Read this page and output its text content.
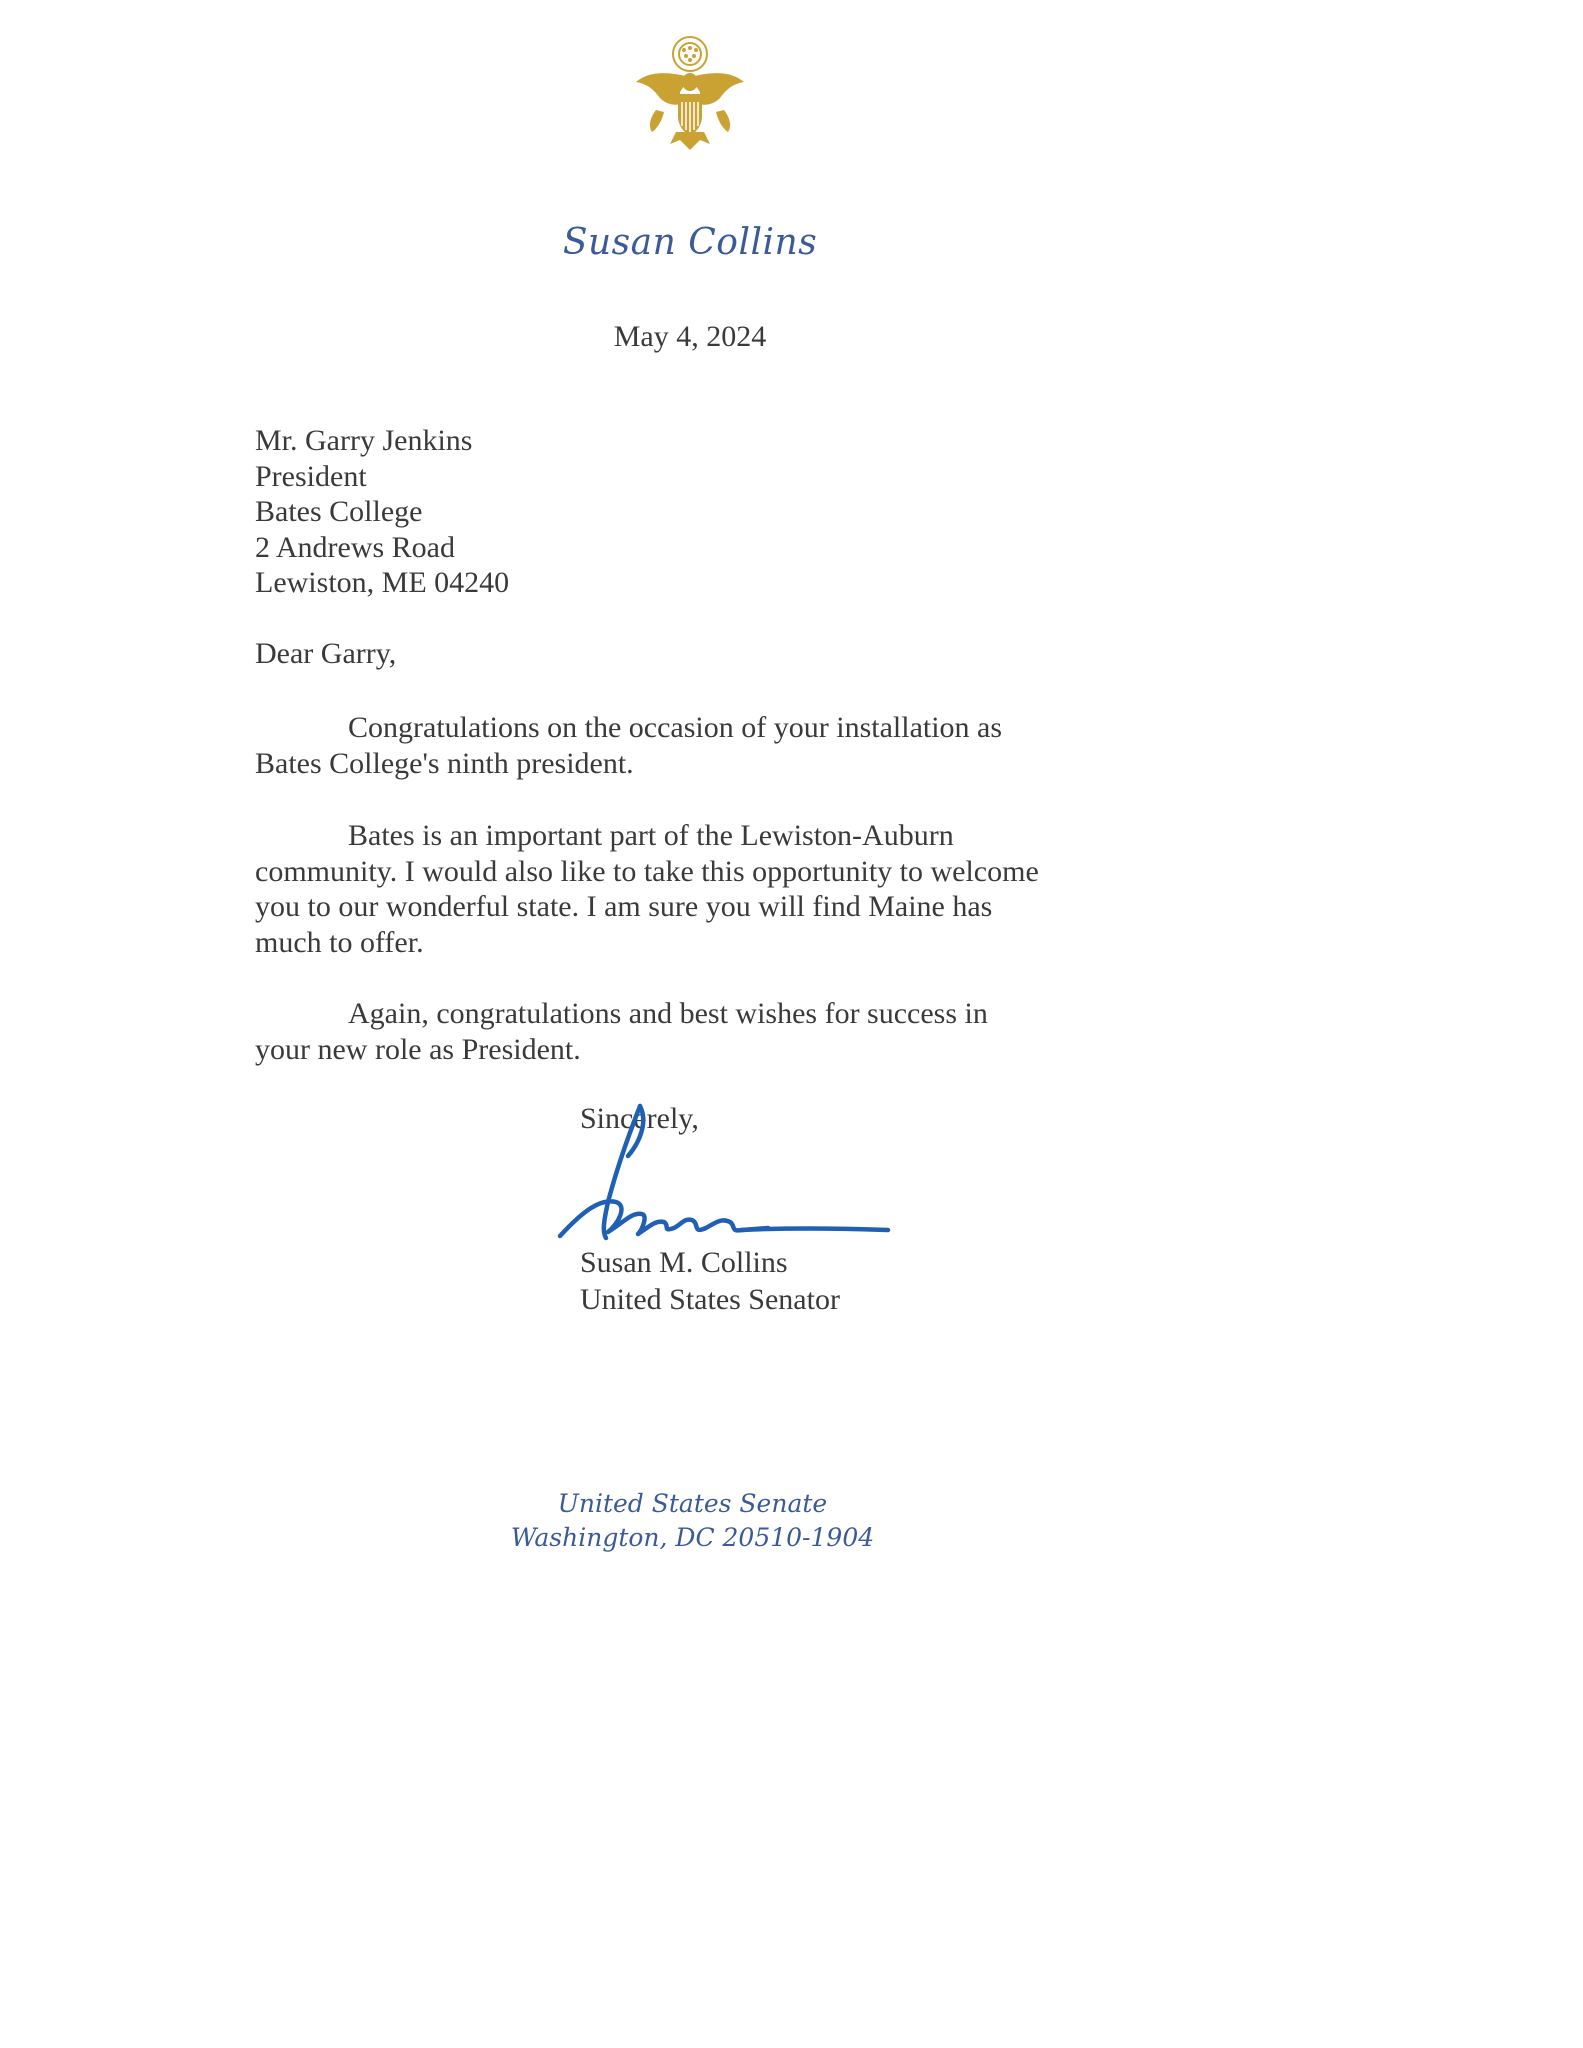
Susan Collins
May 4, 2024
Mr. Garry Jenkins
President
Bates College
2 Andrews Road
Lewiston, ME 04240
Dear Garry,
Congratulations on the occasion of your installation as Bates College's ninth president.
Bates is an important part of the Lewiston-Auburn community. I would also like to take this opportunity to welcome you to our wonderful state. I am sure you will find Maine has much to offer.
Again, congratulations and best wishes for success in your new role as President.
Sincerely,
Susan M. Collins
United States Senator
United States Senate
Washington, DC 20510-1904
